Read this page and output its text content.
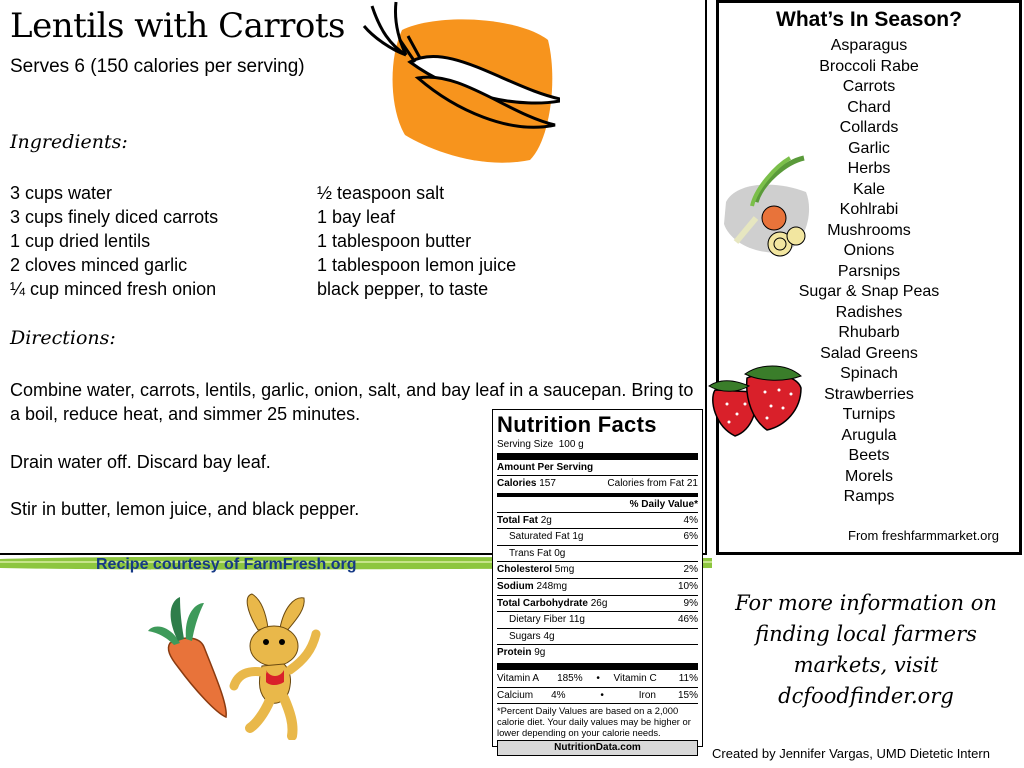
Lentils with Carrots
Serves 6 (150 calories per serving)
Ingredients:
3 cups water
3 cups finely diced carrots
1 cup dried lentils
2 cloves minced garlic
¼ cup minced fresh onion
½ teaspoon salt
1 bay leaf
1 tablespoon butter
1 tablespoon lemon juice
black pepper, to taste
Directions:
Combine water, carrots, lentils, garlic, onion, salt, and bay leaf in a saucepan. Bring to a boil, reduce heat, and simmer 25 minutes.
Drain water off. Discard bay leaf.
Stir in butter, lemon juice, and black pepper.
Recipe courtesy of FarmFresh.org
What’s In Season?
Asparagus
Broccoli Rabe
Carrots
Chard
Collards
Garlic
Herbs
Kale
Kohlrabi
Mushrooms
Onions
Parsnips
Sugar & Snap Peas
Radishes
Rhubarb
Salad Greens
Spinach
Strawberries
Turnips
Arugula
Beets
Morels
Ramps
From freshfarmmarket.org
Nutrition Facts
Serving Size 100 g
Amount Per Serving
Calories 157	Calories from Fat 21
% Daily Value*
Total Fat 2g	4%
Saturated Fat 1g	6%
Trans Fat 0g
Cholesterol 5mg	2%
Sodium 248mg	10%
Total Carbohydrate 26g	9%
Dietary Fiber 11g	46%
Sugars 4g
Protein 9g
Vitamin A 185% • Vitamin C 11%
Calcium 4%	•	Iron 15%
*Percent Daily Values are based on a 2,000 calorie diet. Your daily values may be higher or lower depending on your calorie needs.
NutritionData.com
For more information on finding local farmers markets, visit dcfoodfinder.org
Created by Jennifer Vargas, UMD Dietetic Intern
